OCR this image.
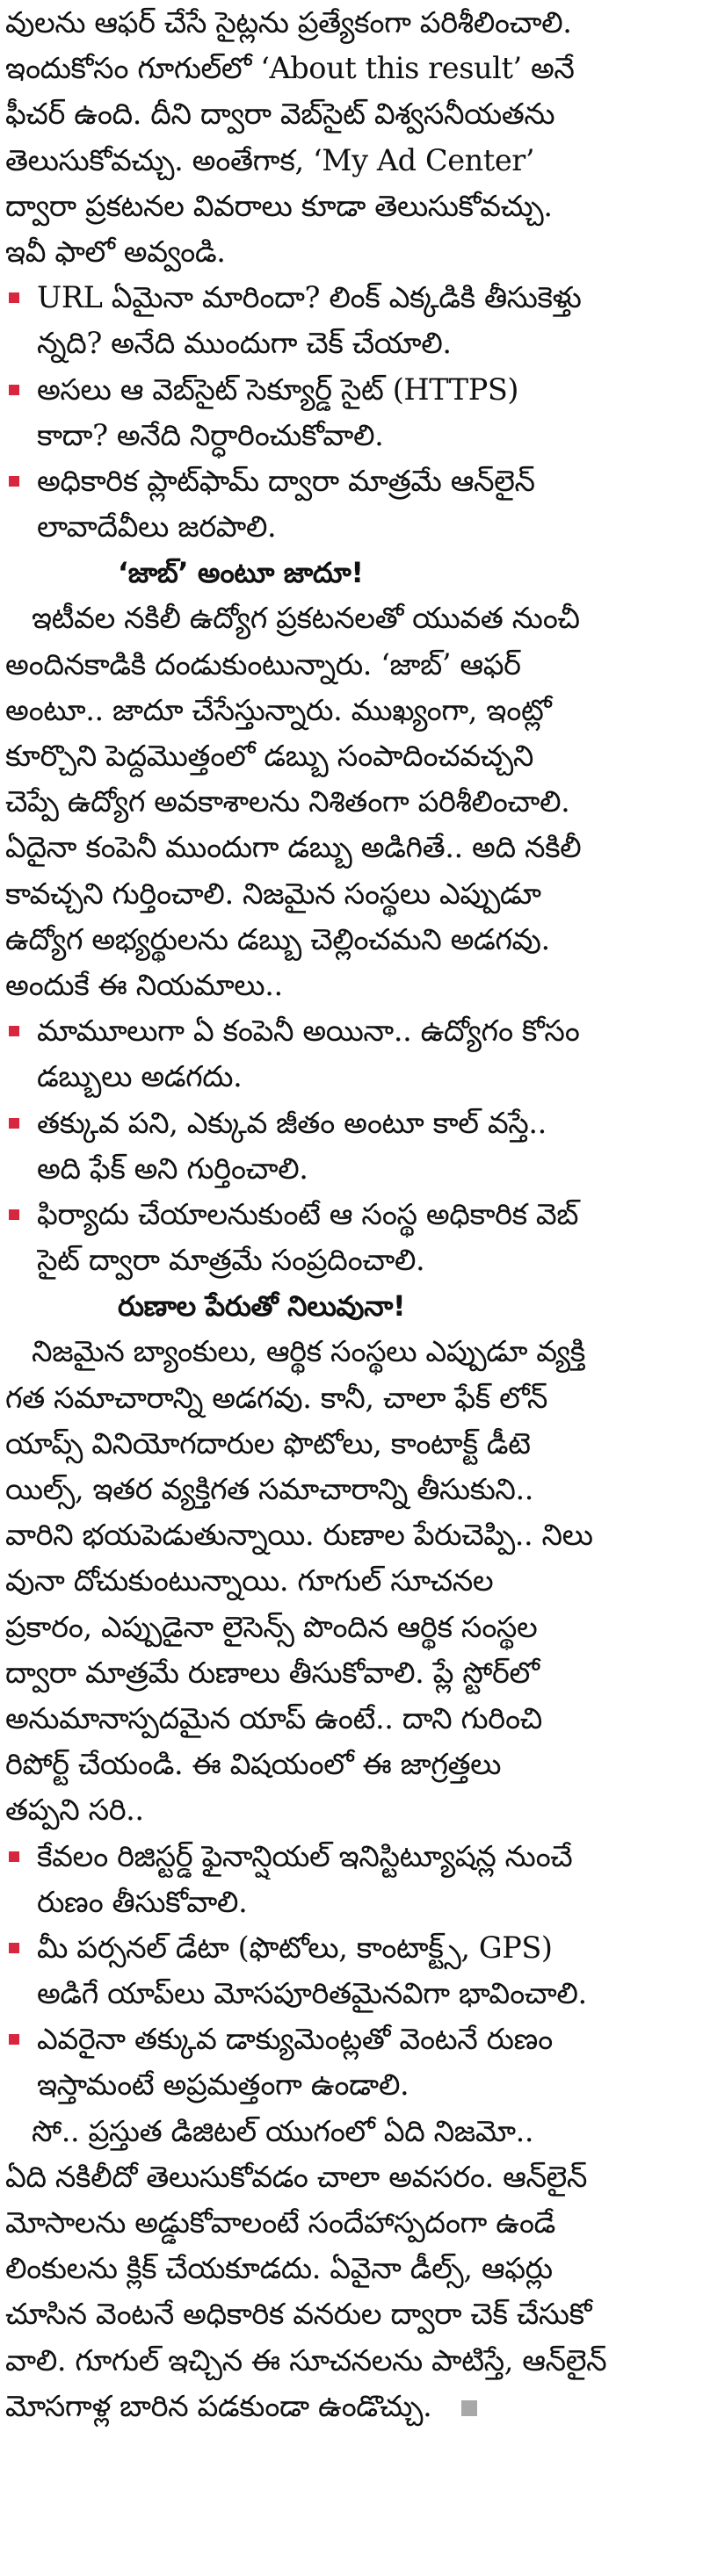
వులను ఆఫర్‌ చేసే సైట్లను ప్రత్యేకంగా పరిశీలించాలి.
ఇందుకోసం గూగుల్‌లో ‘About this result’ అనే
ఫీచర్‌ ఉంది. దీని ద్వారా వెబ్‌సైట్‌ విశ్వసనీయతను
తెలుసుకోవచ్చు. అంతేగాక, ‘My Ad Center’
ద్వారా ప్రకటనల వివరాలు కూడా తెలుసుకోవచ్చు.
ఇవీ ఫాలో అవ్వండి.
URL ఏమైనా మారిందా? లింక్‌ ఎక్కడికి తీసుకెళ్తు
న్నది? అనేది ముందుగా చెక్‌ చేయాలి.
అసలు ఆ వెబ్‌సైట్‌ సెక్యూర్డ్‌ సైట్‌ (HTTPS)
కాదా? అనేది నిర్ధారించుకోవాలి.
అధికారిక ప్లాట్‌ఫామ్‌ ద్వారా మాత్రమే ఆన్‌లైన్‌
లావాదేవీలు జరపాలి.
‘జాబ్‌’ అంటూ జాదూ!
ఇటీవల నకిలీ ఉద్యోగ ప్రకటనలతో యువత నుంచీ
అందినకాడికి దండుకుంటున్నారు. ‘జాబ్‌’ ఆఫర్‌
అంటూ.. జాదూ చేసేస్తున్నారు. ముఖ్యంగా, ఇంట్లో
కూర్చొని పెద్దమొత్తంలో డబ్బు సంపాదించవచ్చని
చెప్పే ఉద్యోగ అవకాశాలను నిశితంగా పరిశీలించాలి.
ఏదైనా కంపెనీ ముందుగా డబ్బు అడిగితే.. అది నకిలీ
కావచ్చని గుర్తించాలి. నిజమైన సంస్థలు ఎప్పుడూ
ఉద్యోగ అభ్యర్థులను డబ్బు చెల్లించమని అడగవు.
అందుకే ఈ నియమాలు..
మామూలుగా ఏ కంపెనీ అయినా.. ఉద్యోగం కోసం
డబ్బులు అడగదు.
తక్కువ పని, ఎక్కువ జీతం అంటూ కాల్‌ వస్తే..
అది ఫేక్‌ అని గుర్తించాలి.
ఫిర్యాదు చేయాలనుకుంటే ఆ సంస్థ అధికారిక వెబ్‌
సైట్‌ ద్వారా మాత్రమే సంప్రదించాలి.
రుణాల పేరుతో నిలువునా!
నిజమైన బ్యాంకులు, ఆర్థిక సంస్థలు ఎప్పుడూ వ్యక్తి
గత సమాచారాన్ని అడగవు. కానీ, చాలా ఫేక్‌ లోన్‌
యాప్స్‌ వినియోగదారుల ఫొటోలు, కాంటాక్ట్‌ డీటె
యిల్స్‌, ఇతర వ్యక్తిగత సమాచారాన్ని తీసుకుని..
వారిని భయపెడుతున్నాయి. రుణాల పేరుచెప్పి.. నిలు
వునా దోచుకుంటున్నాయి. గూగుల్‌ సూచనల
ప్రకారం, ఎప్పుడైనా లైసెన్స్‌ పొందిన ఆర్థిక సంస్థల
ద్వారా మాత్రమే రుణాలు తీసుకోవాలి. ప్లే స్టోర్‌లో
అనుమానాస్పదమైన యాప్‌ ఉంటే.. దాని గురించి
రిపోర్ట్‌ చేయండి. ఈ విషయంలో ఈ జాగ్రత్తలు
తప్పని సరి..
కేవలం రిజిస్టర్డ్‌ ఫైనాన్షియల్‌ ఇనిస్టిట్యూషన్ల నుంచే
రుణం తీసుకోవాలి.
మీ పర్సనల్‌ డేటా (ఫొటోలు, కాంటాక్ట్స్‌, GPS)
అడిగే యాప్‌లు మోసపూరితమైనవిగా భావించాలి.
ఎవరైనా తక్కువ డాక్యుమెంట్లతో వెంటనే రుణం
ఇస్తామంటే అప్రమత్తంగా ఉండాలి.
సో.. ప్రస్తుత డిజిటల్‌ యుగంలో ఏది నిజమో..
ఏది నకిలీదో తెలుసుకోవడం చాలా అవసరం. ఆన్‌లైన్‌
మోసాలను అడ్డుకోవాలంటే సందేహాస్పదంగా ఉండే
లింకులను క్లిక్‌ చేయకూడదు. ఏవైనా డీల్స్‌, ఆఫర్లు
చూసిన వెంటనే అధికారిక వనరుల ద్వారా చెక్‌ చేసుకో
వాలి. గూగుల్‌ ఇచ్చిన ఈ సూచనలను పాటిస్తే, ఆన్‌లైన్‌
మోసగాళ్ల బారిన పడకుండా ఉండొచ్చు.
